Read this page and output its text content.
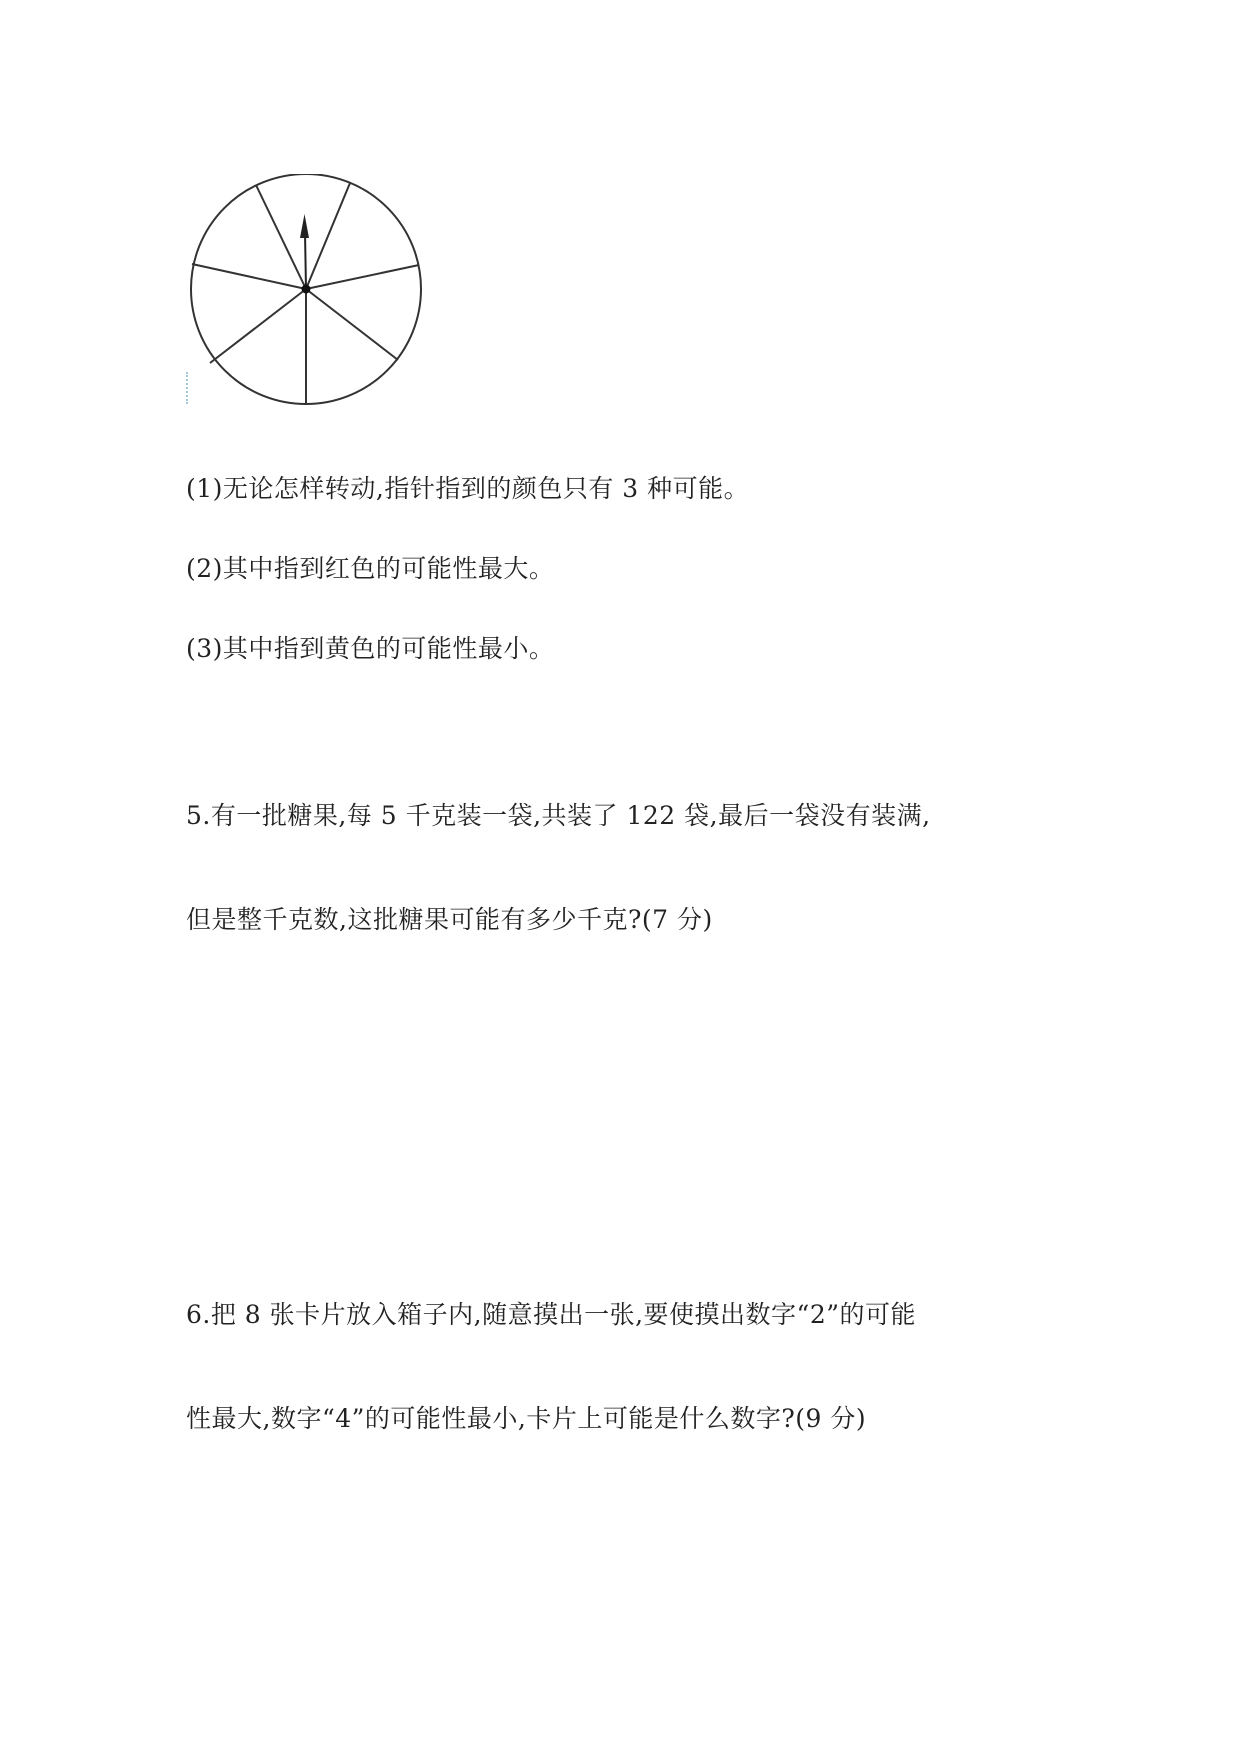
(1)无论怎样转动,指针指到的颜色只有 3 种可能。
(2)其中指到红色的可能性最大。
(3)其中指到黄色的可能性最小。
5.有一批糖果,每 5 千克装一袋,共装了 122 袋,最后一袋没有装满,
但是整千克数,这批糖果可能有多少千克?(7 分)
6.把 8 张卡片放入箱子内,随意摸出一张,要使摸出数字“2”的可能
性最大,数字“4”的可能性最小,卡片上可能是什么数字?(9 分)
